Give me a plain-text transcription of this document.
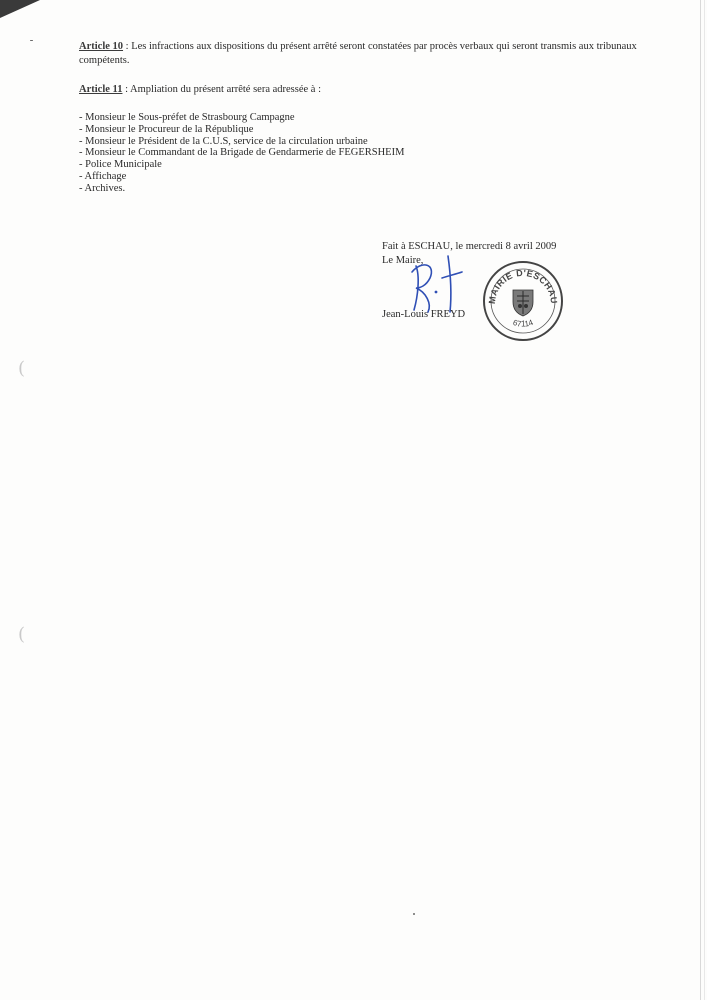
(
(

Article 10 : Les infractions aux dispositions du présent arrêté seront constatées par procès verbaux qui seront transmis aux tribunaux compétents.

Article 11 : Ampliation du présent arrêté sera adressée à :

- Monsieur le Sous-préfet de Strasbourg Campagne
- Monsieur le Procureur de la République
- Monsieur le Président de la C.U.S, service de la circulation urbaine
- Monsieur le Commandant de la Brigade de Gendarmerie de FEGERSHEIM
- Police Municipale
- Affichage
- Archives.

Fait à ESCHAU, le mercredi 8 avril 2009

Le Maire,

Jean-Louis FREYD

MAIRIE D'ESCHAU
67114
